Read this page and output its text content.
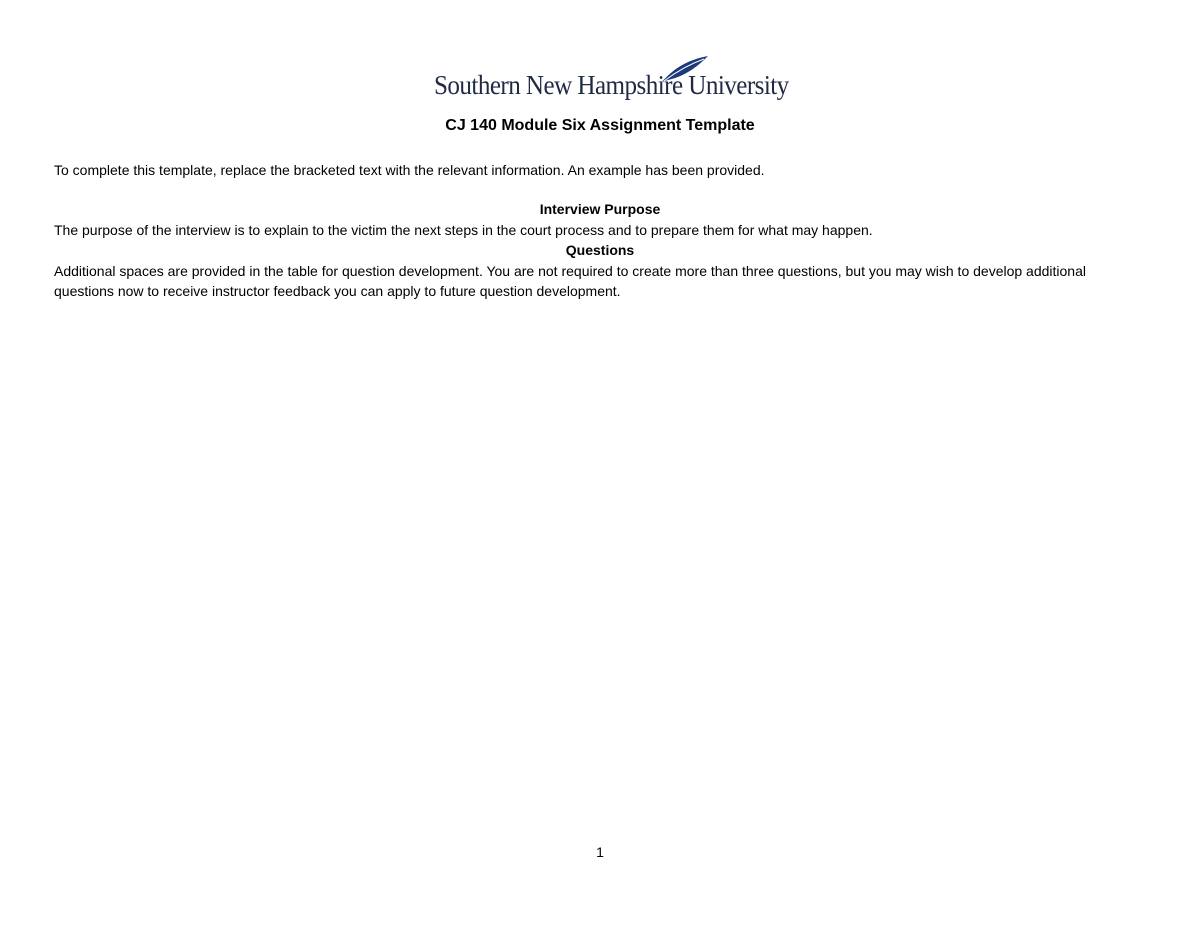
Southern New Hampshire University
CJ 140 Module Six Assignment Template
To complete this template, replace the bracketed text with the relevant information. An example has been provided.
Interview Purpose
The purpose of the interview is to explain to the victim the next steps in the court process and to prepare them for what may happen.
Questions
Additional spaces are provided in the table for question development. You are not required to create more than three questions, but you may wish to develop additional questions now to receive instructor feedback you can apply to future question development.
1
